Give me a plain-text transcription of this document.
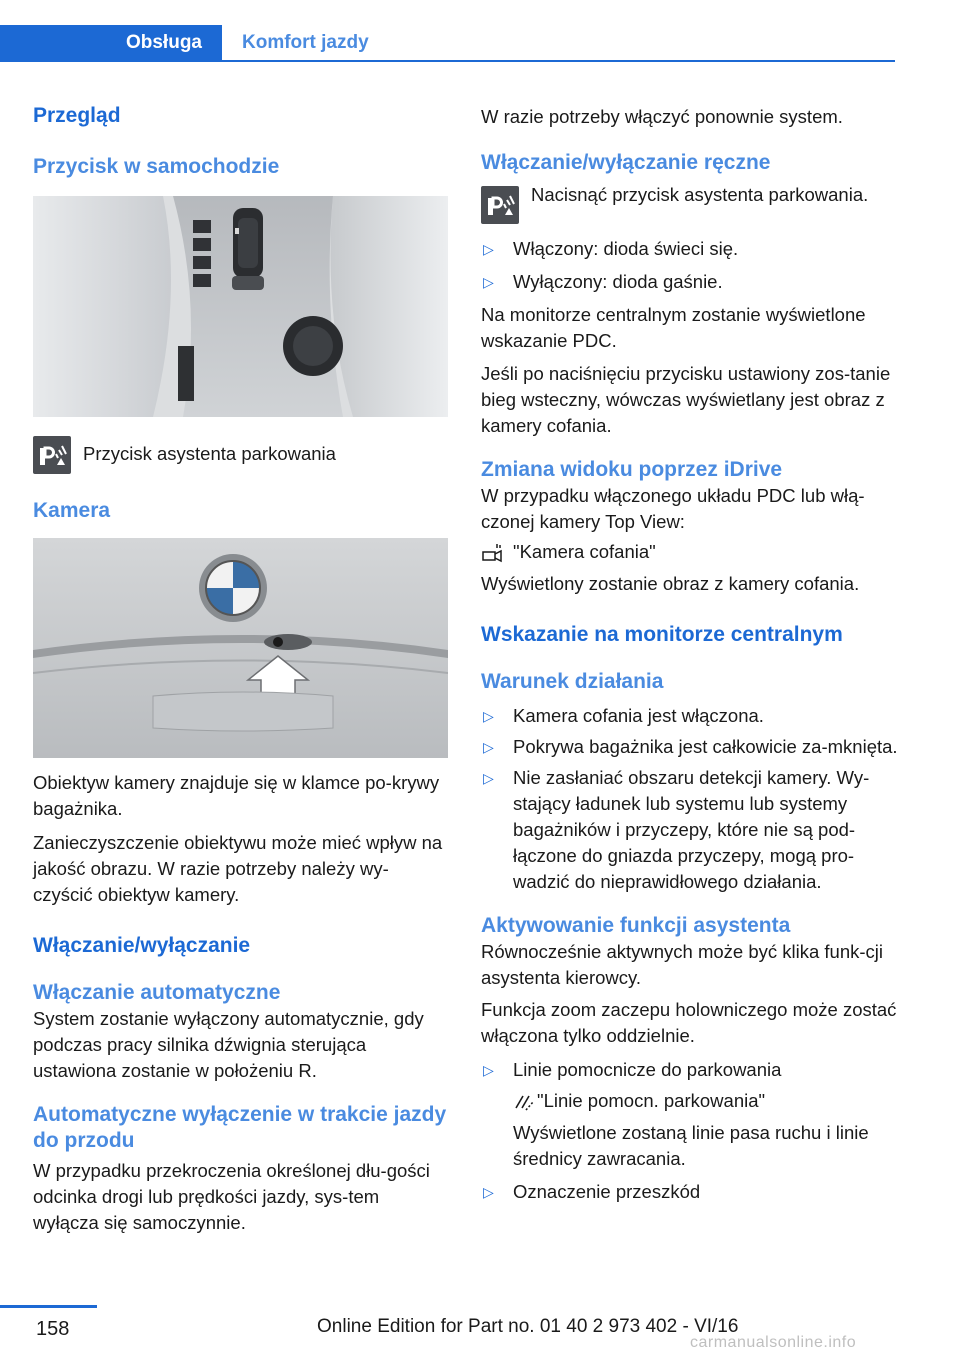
Obsługa	Komfort jazdy
Przegląd
Przycisk w samochodzie
Przycisk asystenta parkowania
Kamera
Obiektyw kamery znajduje się w klamce po-krywy bagażnika.
Zanieczyszczenie obiektywu może mieć wpływ na jakość obrazu. W razie potrzeby należy wy-czyścić obiektyw kamery.
Włączanie/wyłączanie
Włączanie automatyczne
System zostanie wyłączony automatycznie, gdy podczas pracy silnika dźwignia sterująca ustawiona zostanie w położeniu R.
Automatyczne wyłączenie w trakcie jazdy do przodu
W przypadku przekroczenia określonej dłu-gości odcinka drogi lub prędkości jazdy, sys-tem wyłącza się samoczynnie.
W razie potrzeby włączyć ponownie system.
Włączanie/wyłączanie ręczne
Nacisnąć przycisk asystenta parkowania.
▷ Włączony: dioda świeci się.
▷ Wyłączony: dioda gaśnie.
Na monitorze centralnym zostanie wyświetlone wskazanie PDC.
Jeśli po naciśnięciu przycisku ustawiony zos-tanie bieg wsteczny, wówczas wyświetlany jest obraz z kamery cofania.
Zmiana widoku poprzez iDrive
W przypadku włączonego układu PDC lub włą-czonej kamery Top View:
"Kamera cofania"
Wyświetlony zostanie obraz z kamery cofania.
Wskazanie na monitorze centralnym
Warunek działania
▷ Kamera cofania jest włączona.
▷ Pokrywa bagażnika jest całkowicie za-mknięta.
▷ Nie zasłaniać obszaru detekcji kamery. Wy-stający ładunek lub systemu lub systemy bagażników i przyczepy, które nie są pod-łączone do gniazda przyczepy, mogą pro-wadzić do nieprawidłowego działania.
Aktywowanie funkcji asystenta
Równocześnie aktywnych może być klika funk-cji asystenta kierowcy.
Funkcja zoom zaczepu holowniczego może zostać włączona tylko oddzielnie.
▷ Linie pomocnicze do parkowania
"Linie pomocn. parkowania"
Wyświetlone zostaną linie pasa ruchu i linie średnicy zawracania.
▷ Oznaczenie przeszkód
158	Online Edition for Part no. 01 40 2 973 402 - VI/16
carmanualsonline.info
